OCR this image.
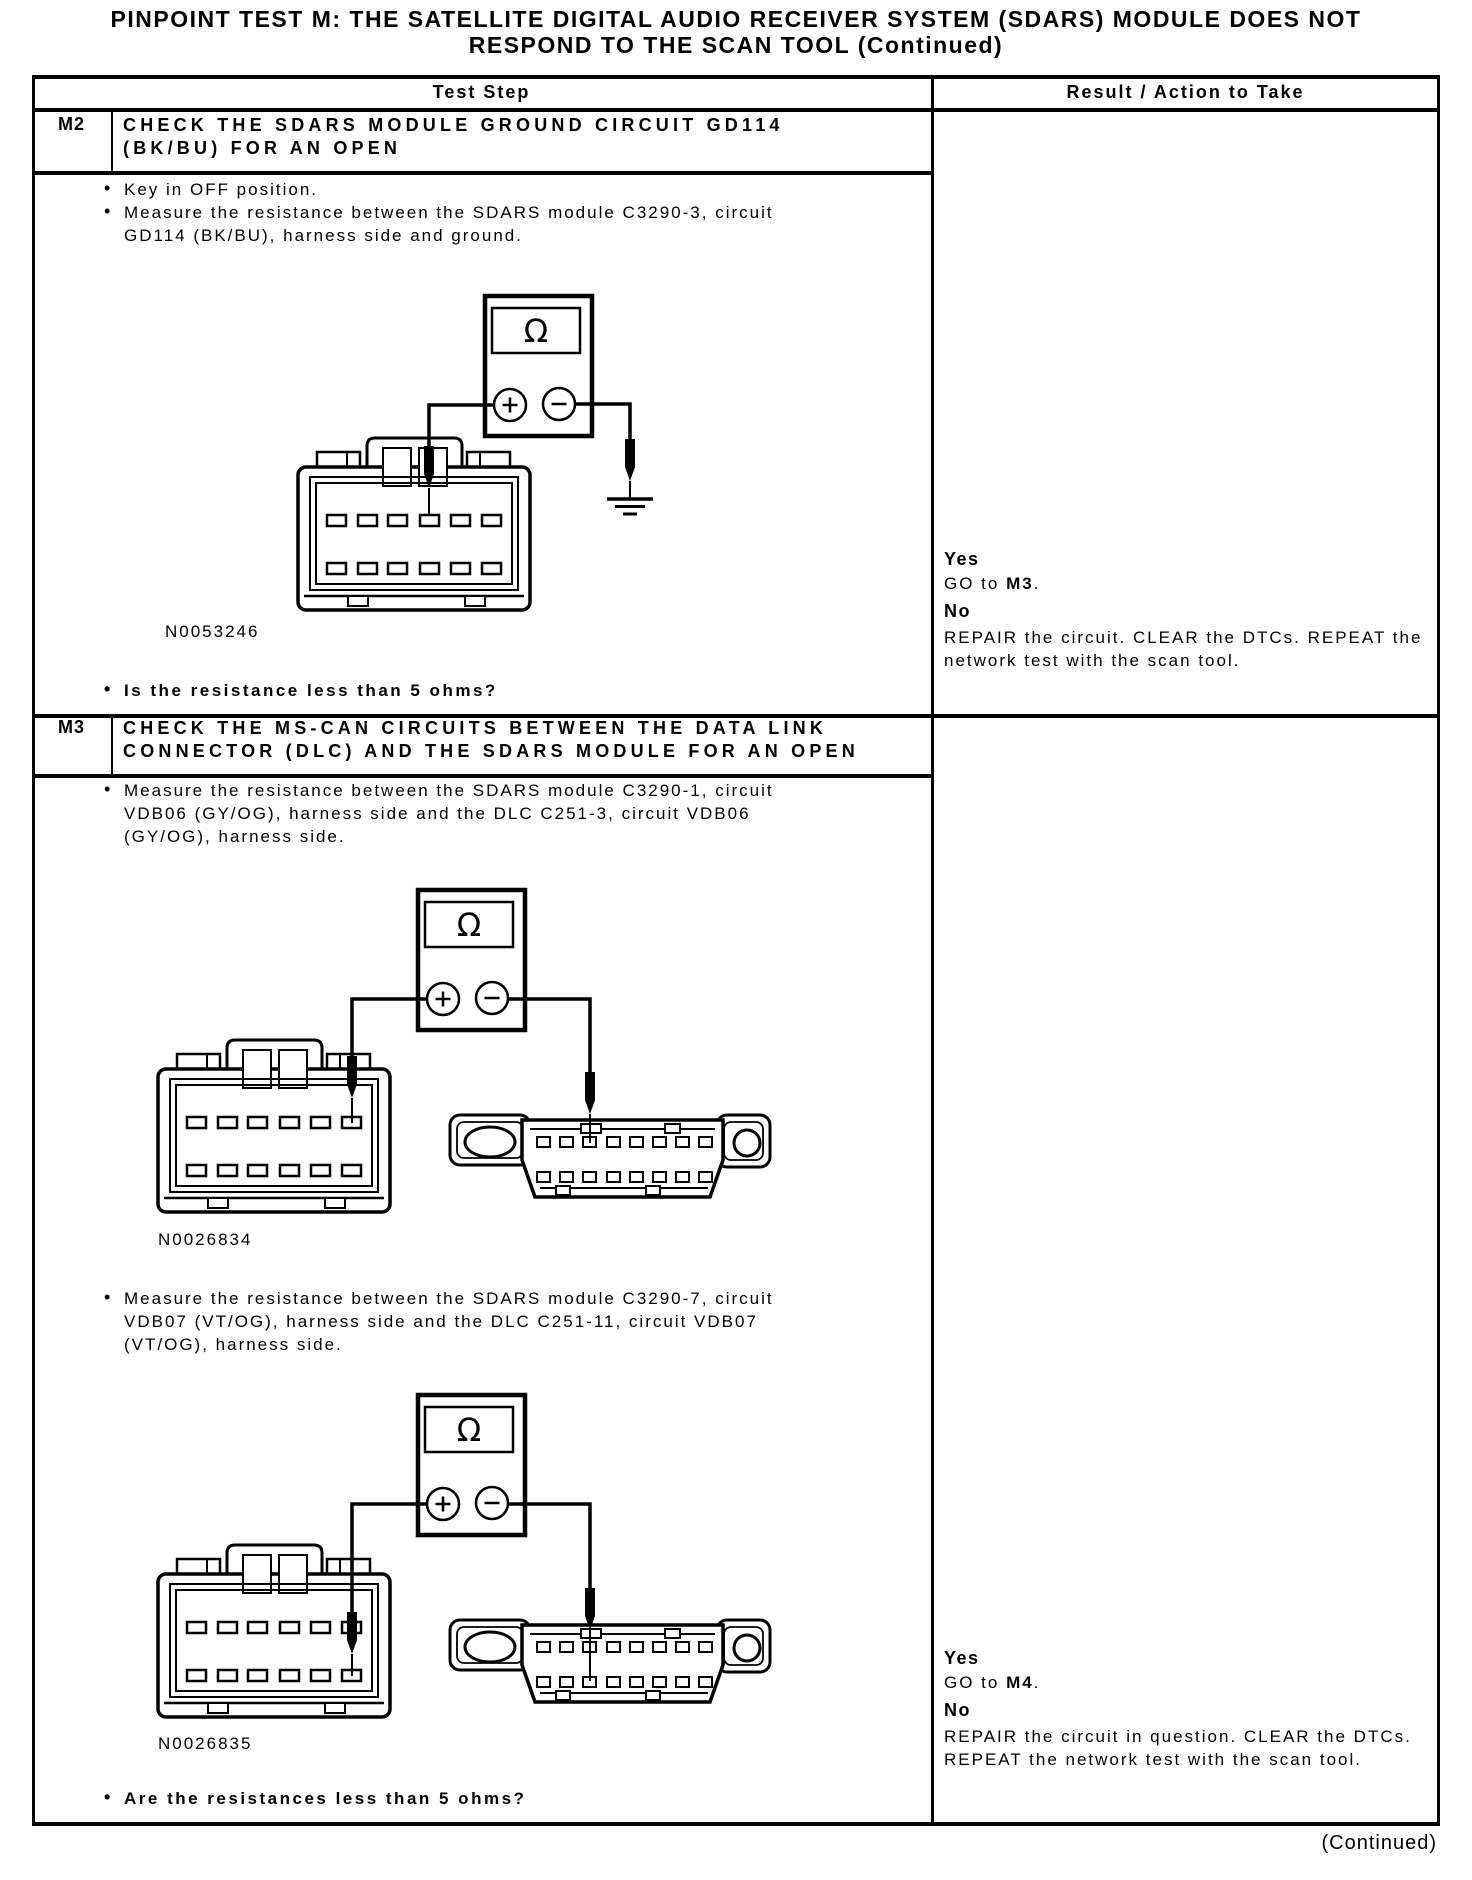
Ω	PINPOINT TEST M: THE SATELLITE DIGITAL AUDIO RECEIVER SYSTEM (SDARS) MODULE DOES NOT
RESPOND TO THE SCAN TOOL (Continued)
Test Step	Result / Action to Take
M2	CHECK THE SDARS MODULE GROUND CIRCUIT GD114
(BK/BU) FOR AN OPEN
• Key in OFF position.
• Measure the resistance between the SDARS module C3290-3, circuit GD114 (BK/BU), harness side and ground.
N0053246
• Is the resistance less than 5 ohms?
Yes
GO to M3.
No
REPAIR the circuit. CLEAR the DTCs. REPEAT the network test with the scan tool.
M3	CHECK THE MS-CAN CIRCUITS BETWEEN THE DATA LINK
CONNECTOR (DLC) AND THE SDARS MODULE FOR AN OPEN
• Measure the resistance between the SDARS module C3290-1, circuit VDB06 (GY/OG), harness side and the DLC C251-3, circuit VDB06 (GY/OG), harness side.
N0026834
• Measure the resistance between the SDARS module C3290-7, circuit VDB07 (VT/OG), harness side and the DLC C251-11, circuit VDB07 (VT/OG), harness side.
N0026835
• Are the resistances less than 5 ohms?
Yes
GO to M4.
No
REPAIR the circuit in question. CLEAR the DTCs. REPEAT the network test with the scan tool.
(Continued)
